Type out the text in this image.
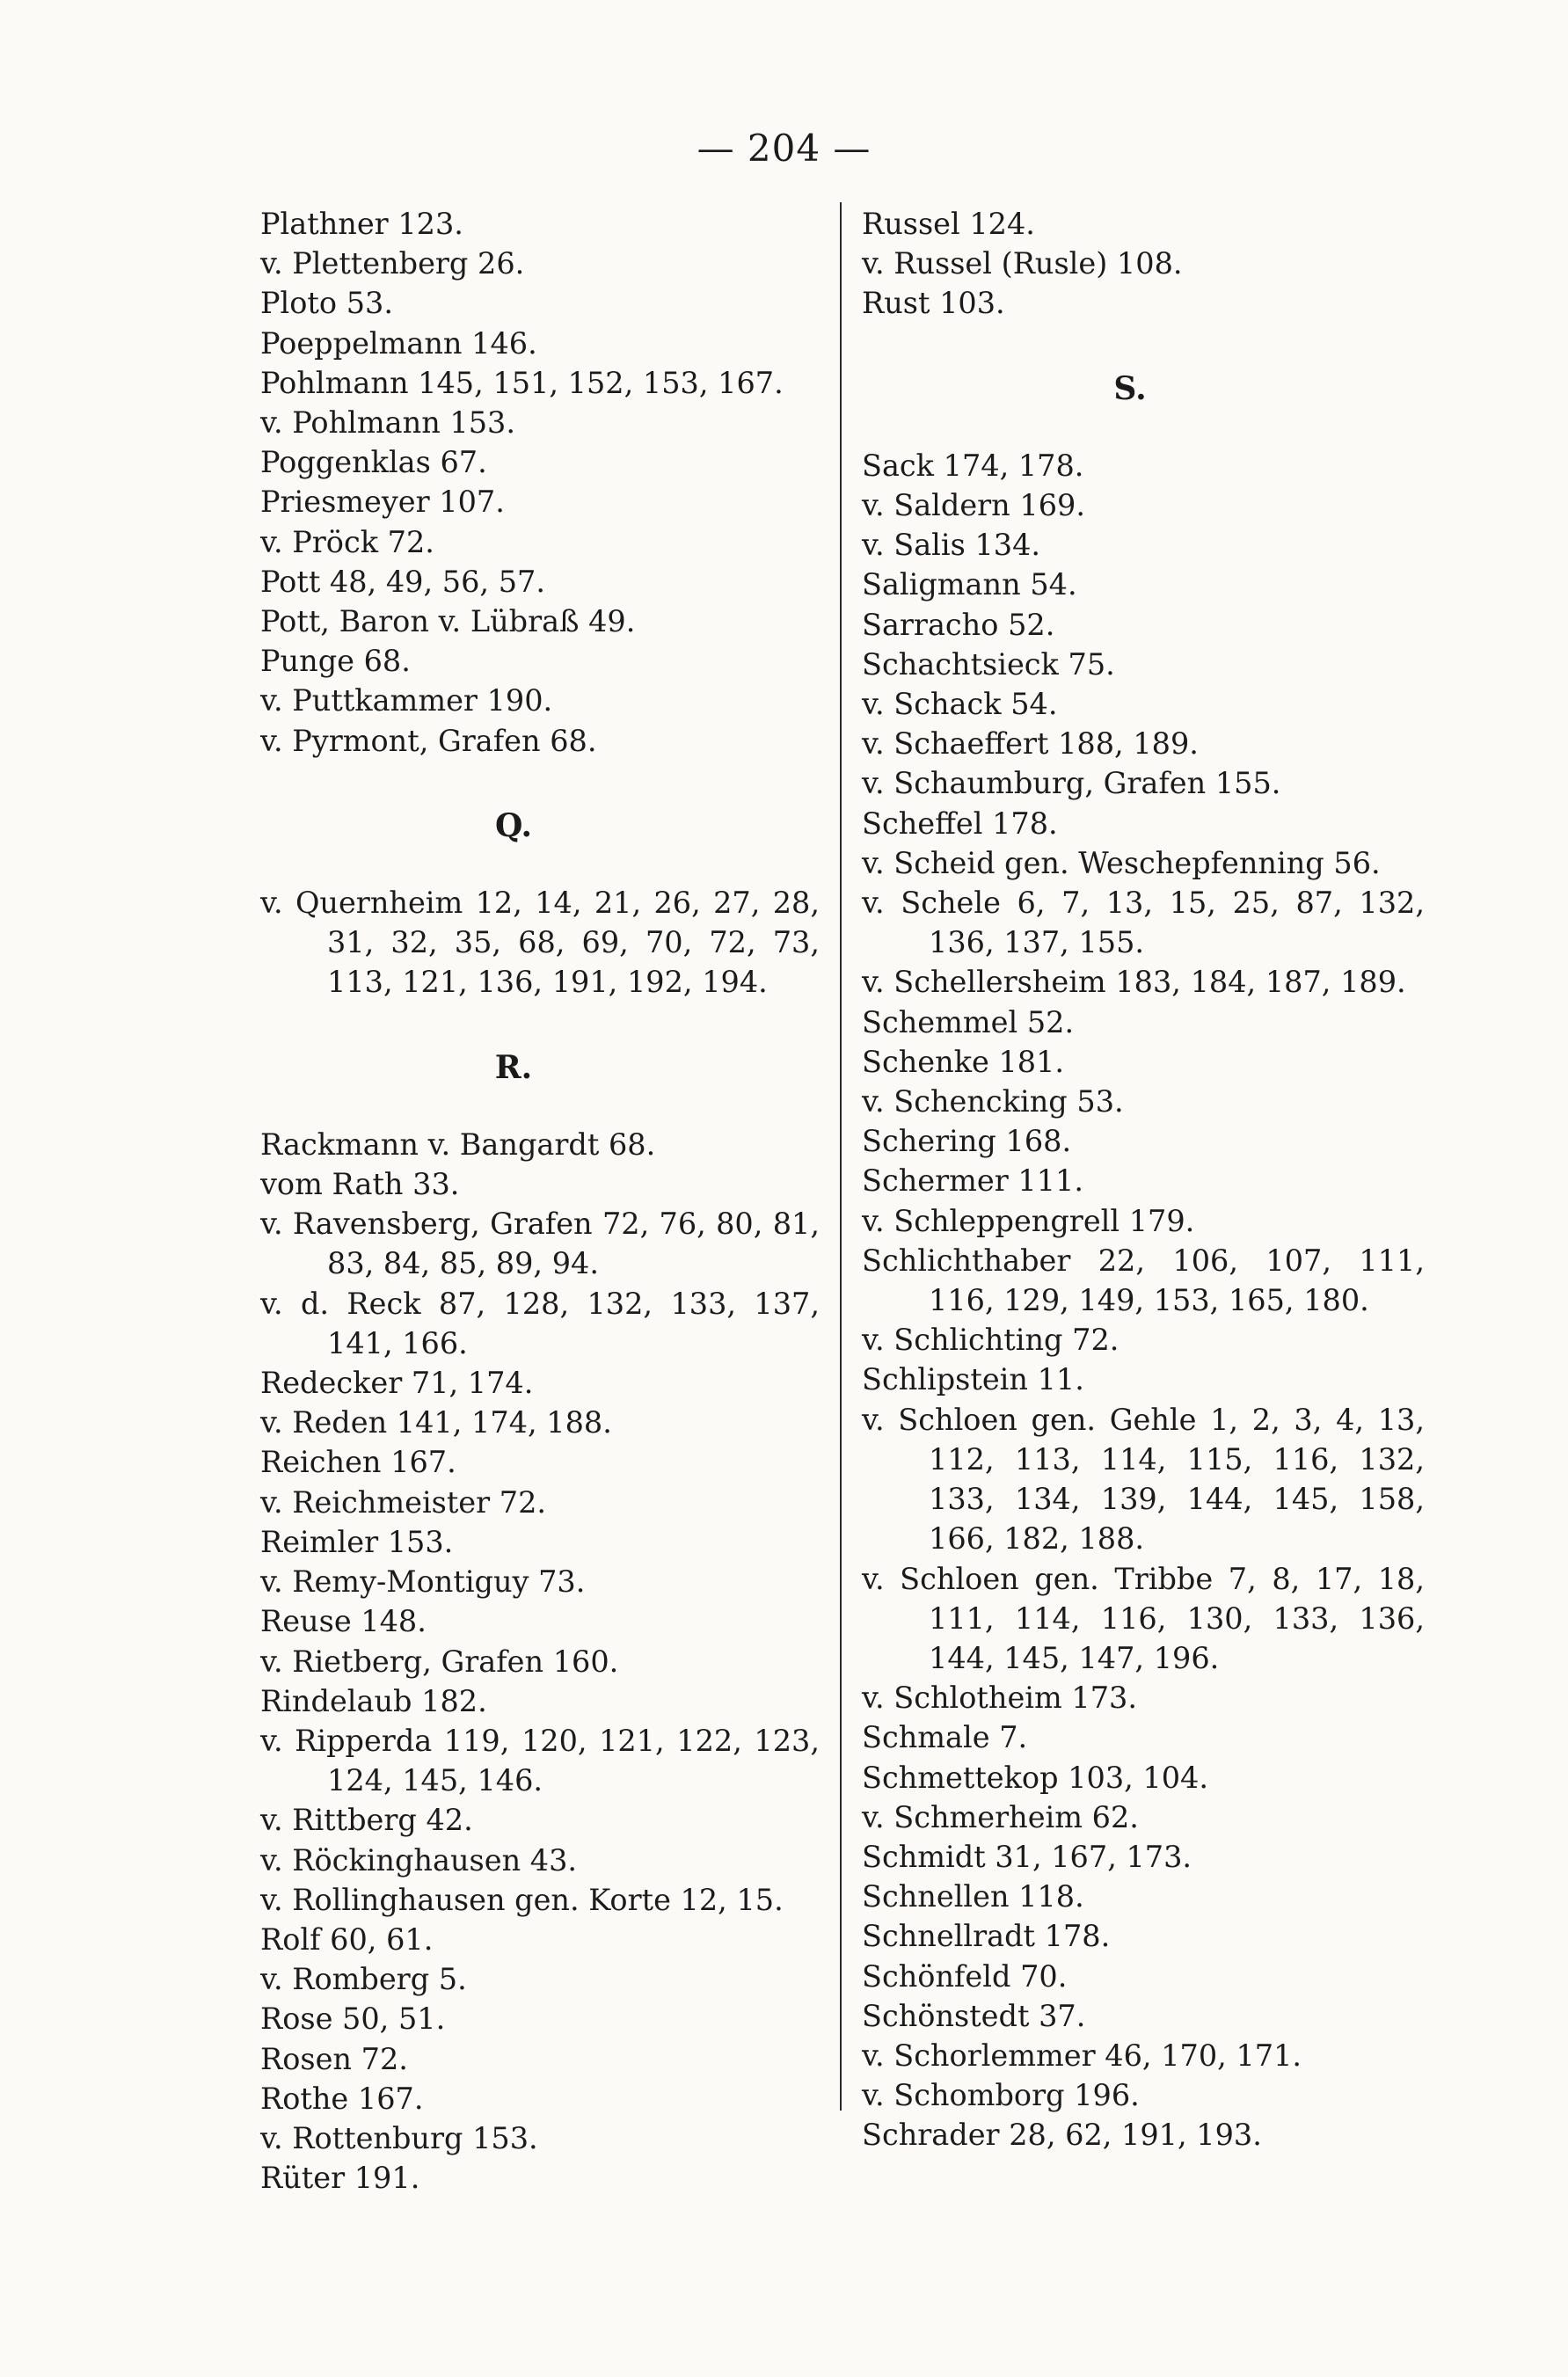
— 204 —

Plathner 123.

v. Plettenberg 26.

Ploto 53.

Poeppelmann 146.

Pohlmann 145, 151, 152, 153, 167.

v. Pohlmann 153.

Poggenklas 67.

Priesmeyer 107.

v. Pröck 72.

Pott 48, 49, 56, 57.

Pott, Baron v. Lübraß 49.

Punge 68.

v. Puttkammer 190.

v. Pyrmont, Grafen 68.

Q.

v. Quernheim 12, 14, 21, 26, 27, 28, 31, 32, 35, 68, 69, 70, 72, 73, 113, 121, 136, 191, 192, 194.

R.

Rackmann v. Bangardt 68.

vom Rath 33.

v. Ravensberg, Grafen 72, 76, 80, 81, 83, 84, 85, 89, 94.

v. d. Reck 87, 128, 132, 133, 137, 141, 166.

Redecker 71, 174.

v. Reden 141, 174, 188.

Reichen 167.

v. Reichmeister 72.

Reimler 153.

v. Remy-Montiguy 73.

Reuse 148.

v. Rietberg, Grafen 160.

Rindelaub 182.

v. Ripperda 119, 120, 121, 122, 123, 124, 145, 146.

v. Rittberg 42.

v. Röckinghausen 43.

v. Rollinghausen gen. Korte 12, 15.

Rolf 60, 61.

v. Romberg 5.

Rose 50, 51.

Rosen 72.

Rothe 167.

v. Rottenburg 153.

Rüter 191.

Russel 124.

v. Russel (Rusle) 108.

Rust 103.

S.

Sack 174, 178.

v. Saldern 169.

v. Salis 134.

Saligmann 54.

Sarracho 52.

Schachtsieck 75.

v. Schack 54.

v. Schaeffert 188, 189.

v. Schaumburg, Grafen 155.

Scheffel 178.

v. Scheid gen. Weschepfenning 56.

v. Schele 6, 7, 13, 15, 25, 87, 132, 136, 137, 155.

v. Schellersheim 183, 184, 187, 189.

Schemmel 52.

Schenke 181.

v. Schencking 53.

Schering 168.

Schermer 111.

v. Schleppengrell 179.

Schlichthaber 22, 106, 107, 111, 116, 129, 149, 153, 165, 180.

v. Schlichting 72.

Schlipstein 11.

v. Schloen gen. Gehle 1, 2, 3, 4, 13, 112, 113, 114, 115, 116, 132, 133, 134, 139, 144, 145, 158, 166, 182, 188.

v. Schloen gen. Tribbe 7, 8, 17, 18, 111, 114, 116, 130, 133, 136, 144, 145, 147, 196.

v. Schlotheim 173.

Schmale 7.

Schmettekop 103, 104.

v. Schmerheim 62.

Schmidt 31, 167, 173.

Schnellen 118.

Schnellradt 178.

Schönfeld 70.

Schönstedt 37.

v. Schorlemmer 46, 170, 171.

v. Schomborg 196.

Schrader 28, 62, 191, 193.
